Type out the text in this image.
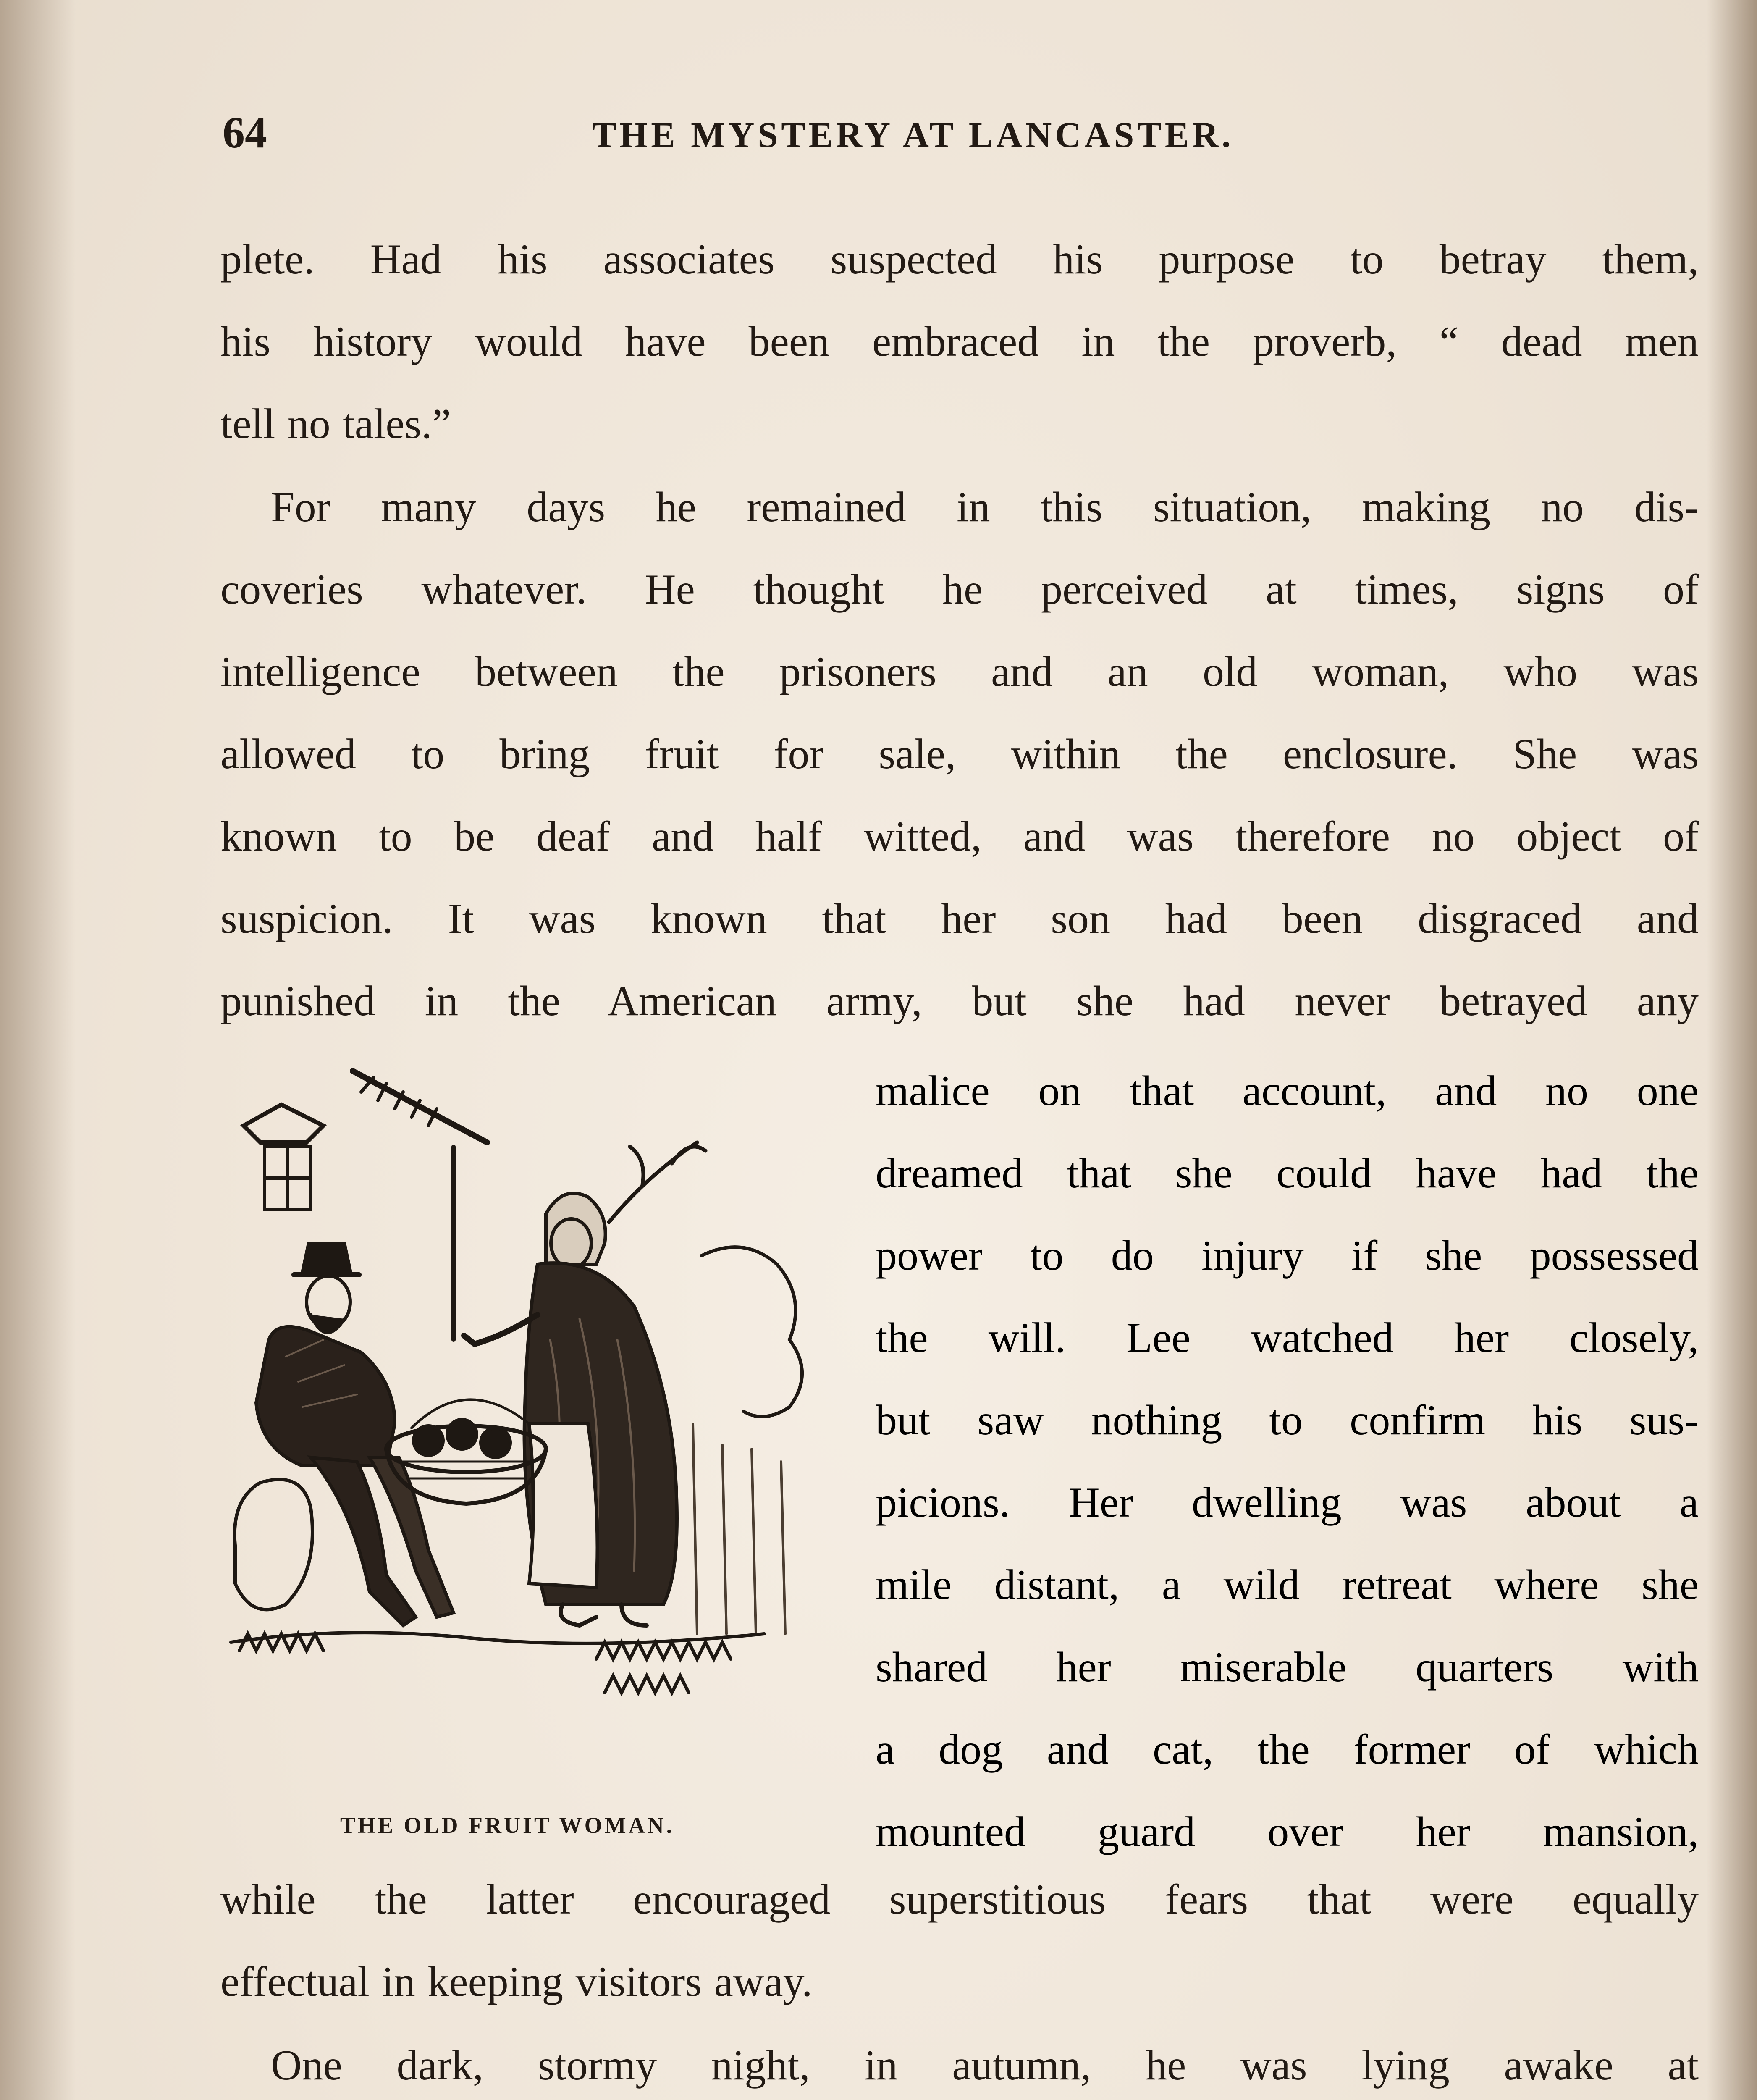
64	THE MYSTERY AT LANCASTER.
plete. Had his associates suspected his purpose to betray them,
his history would have been embraced in the proverb, “ dead men
tell no tales.”
For many days he remained in this situation, making no dis-
coveries whatever. He thought he perceived at times, signs of
intelligence between the prisoners and an old woman, who was
allowed to bring fruit for sale, within the enclosure. She was
known to be deaf and half witted, and was therefore no object of
suspicion. It was known that her son had been disgraced and
punished in the American army, but she had never betrayed any
THE OLD FRUIT WOMAN.
malice on that account, and no one
dreamed that she could have had the
power to do injury if she possessed
the will. Lee watched her closely,
but saw nothing to confirm his sus-
picions. Her dwelling was about a
mile distant, a wild retreat where she
shared her miserable quarters with
a dog and cat, the former of which
mounted guard over her mansion,
while the latter encouraged superstitious fears that were equally
effectual in keeping visitors away.
One dark, stormy night, in autumn, he was lying awake at
